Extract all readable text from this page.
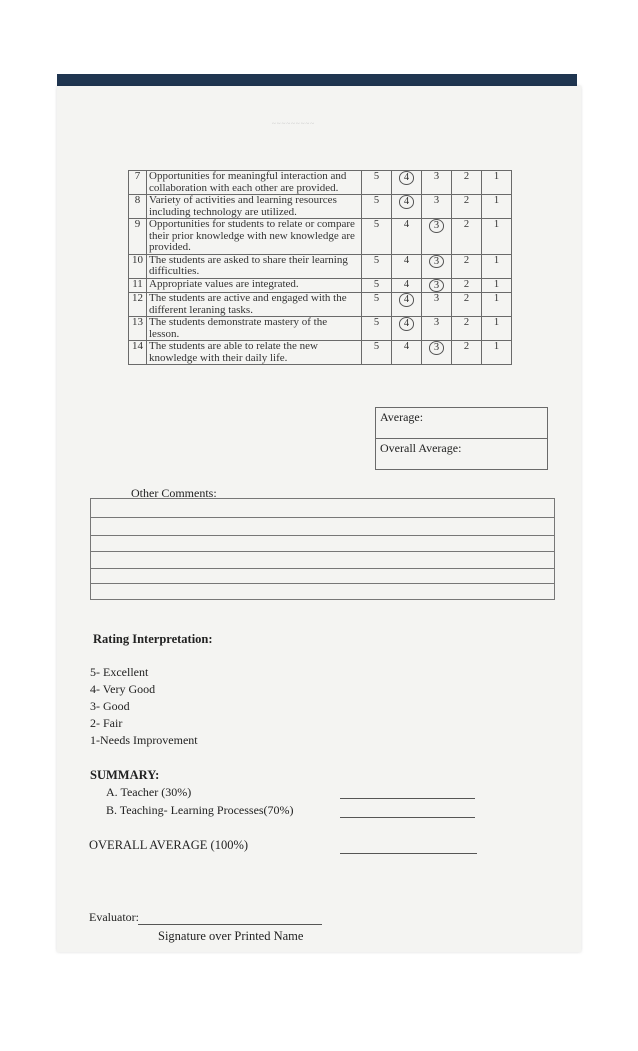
~~~~~~~~~
7	Opportunities for meaningful interaction and
collaboration with each other are provided.	5	4	3	2	1
8	Variety of activities and learning resources
including technology are utilized.	5	4	3	2	1
9	Opportunities for students to relate or compare
their prior knowledge with new knowledge are
provided.	5	4	3	2	1
10	The students are asked to share their learning
difficulties.	5	4	3	2	1
11	Appropriate values are integrated.	5	4	3	2	1
12	The students are active and engaged with the
different leraning tasks.	5	4	3	2	1
13	The students demonstrate mastery of the lesson.	5	4	3	2	1
14	The students are able to relate the new
knowledge with their daily life.	5	4	3	2	1
Average:
Overall Average:
Other Comments:
Rating Interpretation:
5- Excellent
4- Very Good
3- Good
2- Fair
1-Needs Improvement
SUMMARY:
A. Teacher (30%)
B. Teaching- Learning Processes(70%)
OVERALL AVERAGE (100%)
Evaluator:
Signature over Printed Name
